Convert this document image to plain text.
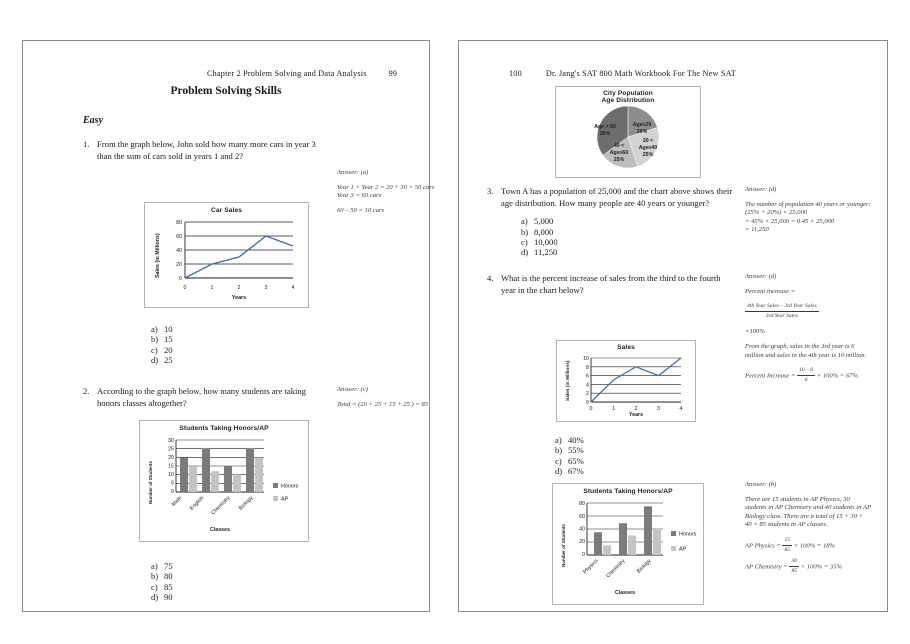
Chapter 2 Problem Solving and Data Analysis	99
Problem Solving Skills
Easy
1. From the graph below, John sold how many more cars in year 3 than the sum of cars sold in years 1 and 2?
Car Sales
Sales (in Millions)
80
60
40
20
0
0	1	2	3	4
Years
Answer: (a)

Year 1 + Year 2 = 20 + 30 = 50 cars

Year 3 = 60 cars

60 – 50 = 10 cars

a) 10
b) 15
c) 20
d) 25
2. According to the graph below, how many students are taking honors classes altogether?
Answer: (c)

Total = (20 + 25 + 15 + 25 ) = 85

Students Taking Honors/AP
Number of Students
30
25
20
15
10
5
0
Math English Chemistry Biology
Honors
AP
Classes
a) 75
b) 80
c) 85
d) 90
100	Dr. Jang's SAT 800 Math Workbook For The New SAT
City Population
Age Distribution
Age≤20
20%
20 <
Age≤40
25%
40 <
Age≤60
25%
Age > 60
30%
3. Town A has a population of 25,000 and the chart above shows their age distribution. How many people are 40 years or younger?
a) 5,000
b) 8,000
c) 10,000
d) 11,250
Answer: (d)

The number of population 40 years or younger:

(25% + 20%) × 25,000

= 45% × 25,000 = 0.45 × 25,000

= 11,250

4. What is the percent increase of sales from the third to the fourth year in the chart below?
Sales
Sales (in Millions)
10
8
6
4
2
0
0	1	2	3	4
Years
Answer: (d)

Percent increase =

$\frac{\text{4th Year Sales – 3rd Year Sales}}{\text{3rd Year Sales}}$

×100%

From the graph, sales in the 3rd year is 6 million and sales in the 4th year is 10 million.

Percent Increase = $\frac{10 - 6}{6} \times 100\% = 67\%$

a) 40%
b) 55%
c) 65%
d) 67%
Students Taking Honors/AP
Number of Students
80
60
40
20
0
Physics Chemistry Biology
Honors
AP
Classes
Answer: (b)

There are 15 students in AP Physics, 30 students in AP Chemistry and 40 students in AP Biology class. There are a total of 15 + 30 + 40 = 85 students in AP classes.

AP Physics = $\frac{15}{85} \times 100\% = 18\%$

AP Chemistry = $\frac{30}{85} \times 100\% = 35\%$
